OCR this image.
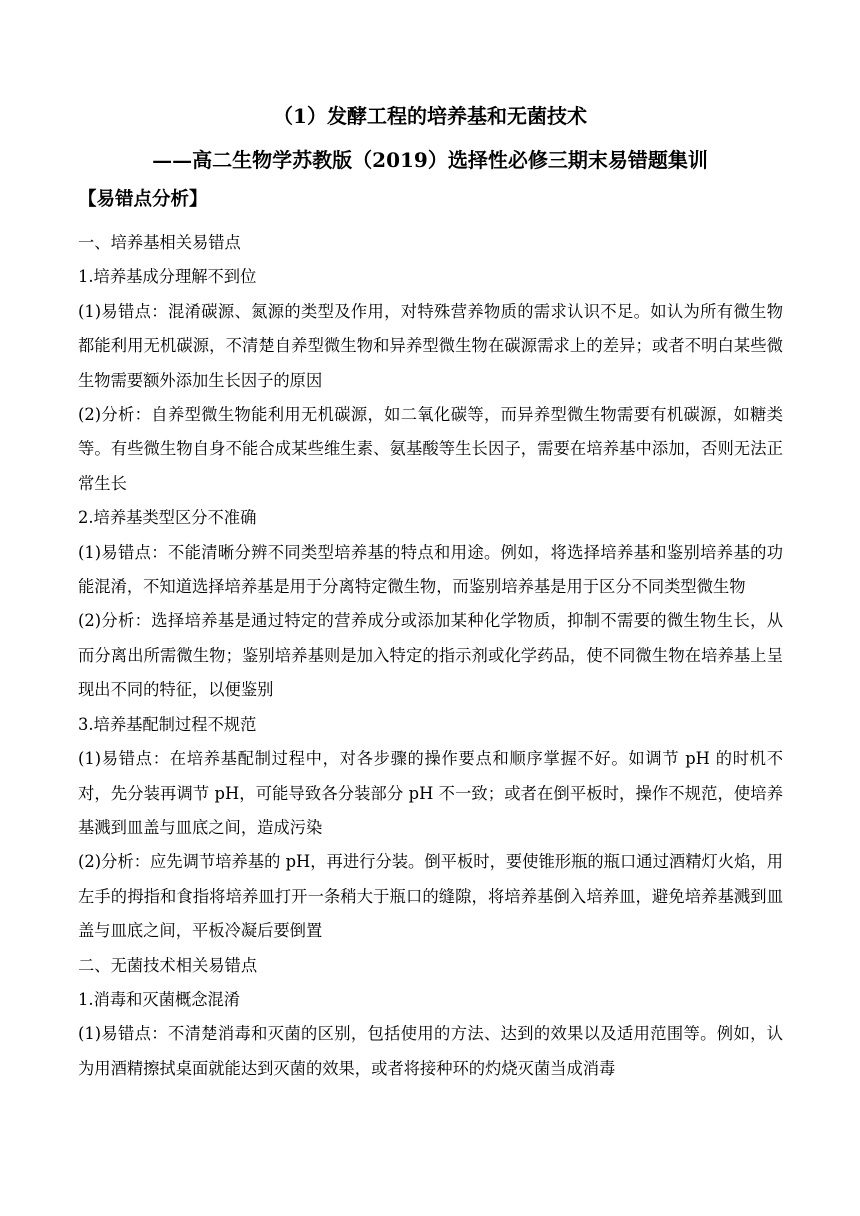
（1）发酵工程的培养基和无菌技术
——高二生物学苏教版（2019）选择性必修三期末易错题集训
【易错点分析】

一、培养基相关易错点

1.培养基成分理解不到位

(1)易错点：混淆碳源、氮源的类型及作用，对特殊营养物质的需求认识不足。如认为所有微生物都能利用无机碳源，不清楚自养型微生物和异养型微生物在碳源需求上的差异；或者不明白某些微生物需要额外添加生长因子的原因

(2)分析：自养型微生物能利用无机碳源，如二氧化碳等，而异养型微生物需要有机碳源，如糖类等。有些微生物自身不能合成某些维生素、氨基酸等生长因子，需要在培养基中添加，否则无法正常生长

2.培养基类型区分不准确

(1)易错点：不能清晰分辨不同类型培养基的特点和用途。例如，将选择培养基和鉴别培养基的功能混淆，不知道选择培养基是用于分离特定微生物，而鉴别培养基是用于区分不同类型微生物

(2)分析：选择培养基是通过特定的营养成分或添加某种化学物质，抑制不需要的微生物生长，从而分离出所需微生物；鉴别培养基则是加入特定的指示剂或化学药品，使不同微生物在培养基上呈现出不同的特征，以便鉴别

3.培养基配制过程不规范

(1)易错点：在培养基配制过程中，对各步骤的操作要点和顺序掌握不好。如调节 pH 的时机不对，先分装再调节 pH，可能导致各分装部分 pH 不一致；或者在倒平板时，操作不规范，使培养基溅到皿盖与皿底之间，造成污染

(2)分析：应先调节培养基的 pH，再进行分装。倒平板时，要使锥形瓶的瓶口通过酒精灯火焰，用左手的拇指和食指将培养皿打开一条稍大于瓶口的缝隙，将培养基倒入培养皿，避免培养基溅到皿盖与皿底之间，平板冷凝后要倒置

二、无菌技术相关易错点

1.消毒和灭菌概念混淆

(1)易错点：不清楚消毒和灭菌的区别，包括使用的方法、达到的效果以及适用范围等。例如，认为用酒精擦拭桌面就能达到灭菌的效果，或者将接种环的灼烧灭菌当成消毒
